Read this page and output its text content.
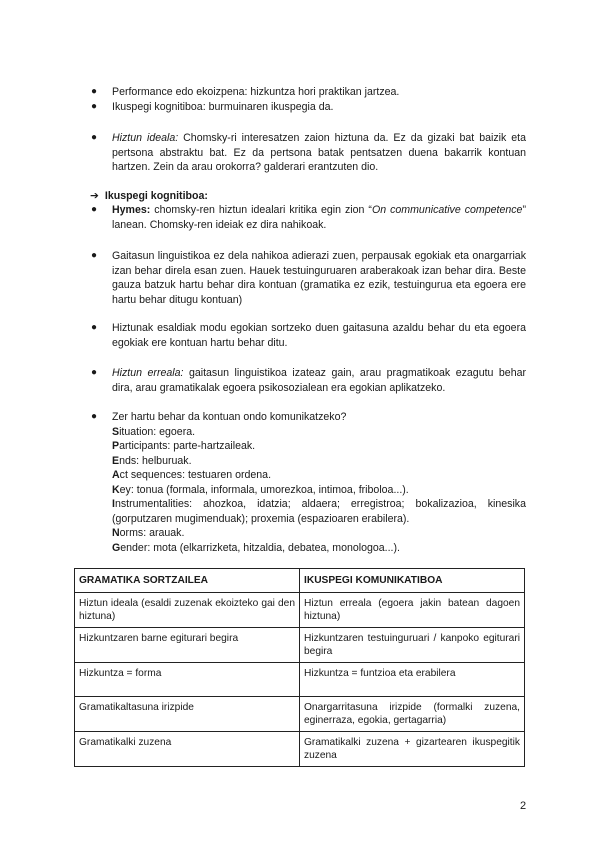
● Performance edo ekoizpena: hizkuntza hori praktikan jartzea.
● Ikuspegi kognitiboa: burmuinaren ikuspegia da.
● Hiztun ideala: Chomsky-ri interesatzen zaion hiztuna da. Ez da gizaki bat baizik eta pertsona abstraktu bat. Ez da pertsona batak pentsatzen duena bakarrik kontuan hartzen. Zein da arau orokorra? galderari erantzuten dio.
➔ Ikuspegi kognitiboa:
● Hymes: chomsky-ren hiztun idealari kritika egin zion “On communicative competence” lanean. Chomsky-ren ideiak ez dira nahikoak.
● Gaitasun linguistikoa ez dela nahikoa adierazi zuen, perpausak egokiak eta onargarriak izan behar direla esan zuen. Hauek testuinguruaren araberakoak izan behar dira. Beste gauza batzuk hartu behar dira kontuan (gramatika ez ezik, testuingurua eta egoera ere hartu behar ditugu kontuan)
● Hiztunak esaldiak modu egokian sortzeko duen gaitasuna azaldu behar du eta egoera egokiak ere kontuan hartu behar ditu.
● Hiztun erreala: gaitasun linguistikoa izateaz gain, arau pragmatikoak ezagutu behar dira, arau gramatikalak egoera psikosozialean era egokian aplikatzeko.
● Zer hartu behar da kontuan ondo komunikatzeko?
Situation: egoera.
Participants: parte-hartzaileak.
Ends: helburuak.
Act sequences: testuaren ordena.
Key: tonua (formala, informala, umorezkoa, intimoa, friboloa...).
Instrumentalities: ahozkoa, idatzia; aldaera; erregistroa; bokalizazioa, kinesika (gorputzaren mugimenduak); proxemia (espazioaren erabilera).
Norms: arauak.
Gender: mota (elkarrizketa, hitzaldia, debatea, monologoa...).
GRAMATIKA SORTZAILEA	IKUSPEGI KOMUNIKATIBOA
Hiztun ideala (esaldi zuzenak ekoizteko gai den hiztuna)	Hiztun erreala (egoera jakin batean dagoen hiztuna)
Hizkuntzaren barne egiturari begira	Hizkuntzaren testuinguruari / kanpoko egiturari begira
Hizkuntza = forma	Hizkuntza = funtzioa eta erabilera
Gramatikaltasuna irizpide	Onargarritasuna irizpide (formalki zuzena, eginerraza, egokia, gertagarria)
Gramatikalki zuzena	Gramatikalki zuzena + gizartearen ikuspegitik zuzena
2
